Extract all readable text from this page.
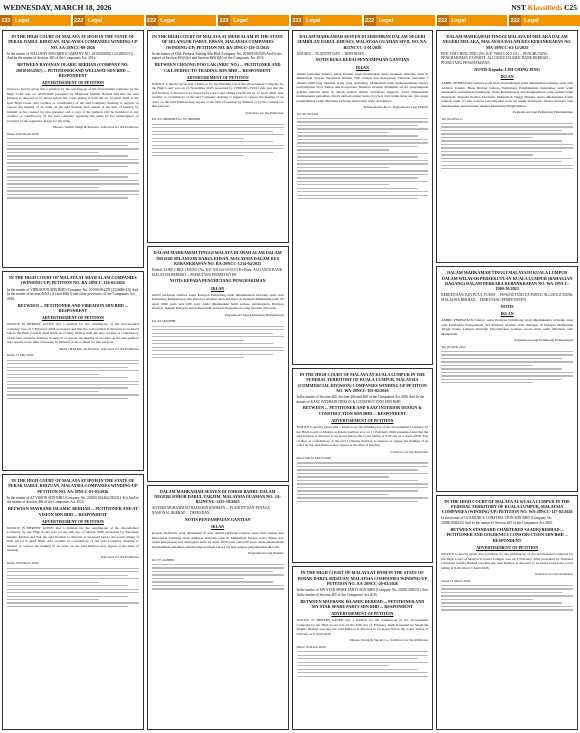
WEDNESDAY, MARCH 18, 2026	NST Klassifieds C25
222 Legal	222 Legal	222 Legal	222 Legal	222 Legal	222 Legal	222 Legal	222 Legal
IN THE HIGH COURT OF MALAYA AT IPOH IN THE STATE OF PERAK DARUL RIDZUAN, MALAYSIA COMPANIES WINDING-UP NO. AA-28NCC-00-2026
In the matter of WELLWAY SDN BHD (COMPANY NO. 201601000011 (1128655-T)) ... And In the matter of Section 465 of the Companies Act, 2016
BETWEEN BAYANAN OLABIC BERHAD (COMPANY NO. 200101034567) ... PETITIONER AND WELLWAY SDN BHD ... RESPONDENT
ADVERTISEMENT OF PETITION
Notice is hereby given that a petition for the winding-up of the abovenamed company by the High Court was on 10/03/2026 presented by Maybank Islamic Berhad and that the said Petition is directed to be heard before the Court sitting at 9.00 am on 14 April 2026 at the Ipoh High Court. Any creditor or contributory of the said Company desiring to support or oppose the making of an order on the said Petition may appear at the time of hearing by himself or his counsel for that purpose; and a copy of the petition will be furnished to any creditor or contributory of the said company requiring the same by the undersigned on payment of the regulated charge for the same.
Messrs. Sudhir Singh & Partners, Solicitors for the Petitioner
Dated 10th March 2026
IN THE HIGH COURT OF MALAYA AT SHAH ALAM COMPANIES (WINDING-UP) PETITION NO. BA-28NCC-134-03/2026
In the matter of VIBRADON SDN BHD (Company No. 201901004478 (1326686-D)) And In the matter of section 465(1) (e) and 466(1) and other provisions of the Companies Act, 2016
BETWEEN ... PETITIONER AND VIBRADON SDN BHD ... RESPONDENT
ADVERTISEMENT OF PETITION
NOTICE IS HEREBY GIVEN that a petition for the winding-up of the abovenamed company was on 5 February 2026 presented and that the said petition is directed to be heard before the High Court at Shah Alam on 13 May 2026 at 9.00 am. Any creditor or contributory of the said company desiring to support or oppose the making of an order on the said petition may appear at the time of hearing by himself or his counsel for that purpose.
Messrs B.M Kho & Partners, Solicitors for the Petitioner
Dated 13 May 2026
IN THE HIGH COURT OF MALAYA AT IPOH IN THE STATE OF PERAK DARUL RIDZUAN, MALAYSIA COMPANIES WINDING-UP PETITION NO. AA-28NCC-01-03/2026
In the matter of AT VISION SDN BHD (Company No. 201001023464 (902312-K)) And In the matter of Section 465 of the Companies Act 2016
BETWEEN MAYBANK ISLAMIC BERHAD ... PETITIONER AND AT VISION SDN BHD ... RESPONDENT
ADVERTISEMENT OF PETITION
NOTICE IS HEREBY GIVEN that a Petition for the winding-up of the abovenamed Company by the High Court was on the 6th day of March 2026 presented by Maybank Islamic Berhad and that the said Petition is directed to be heard before the Court sitting at 9.00 am on 9 April 2026. Any creditor or contributory of the said Company desiring to support or oppose the making of an order on the said Petition may appear at the time of hearing.
Solicitors for the Petitioner
Dated 10th March 2026
IN THE HIGH COURT OF MALAYA AT SHAH ALAM IN THE STATE OF SELANGOR DARUL EHSAN, MALAYSIA COMPANIES (WINDING-UP) PETITION NO. BA-28NCC-159-11/2025
In the matter of C&L Perkasa Trading Sdn Bhd (Company No. 201801035020) And In the matter of Section 465(1)(e) and Section 466(1)(b) of the Companies Act 2016
BETWEEN CHOONG POO LAK (NRIC NO.) ... PETITIONER AND C&L PERFECTO TRADING SDN BHD ... RESPONDENT
ADVERTISEMENT OF PETITION
NOTICE is hereby given that a Petition for the Winding-Up of the abovenamed Company by the High Court was on 14 November 2025 presented by CHOONG POO LAK and that the said Petition is directed to be heard before the Court sitting at 9.00 am on 17 April 2026. Any creditor or contributory of the said Company desiring to support or oppose the making of an order on the said Petition may appear at the time of hearing by himself or by his counsel for that purpose.
Solicitors for the Petitioner
Tel: 03-76609966 Fax: 03-76601882
DALAM MAHKAMAH TINGGI MALAYA DI SHAH ALAM DALAM NEGERI SELANGOR DARUL EHSAN, MALAYSIA DALAM KES KEBANKRAPAN NO. BA-29NCC-1234-04/2025
Perihal: LOKE CHEE CHUNG (No. K/P: 841124-14-5311) Ex-Parte: ALLIANCE BANK MALAYSIA BERHAD ... PEMIUTANG PEMPETISYEN
NOTIS KEPADA PENGHUTANG PENGHAKIMAN
IKLAN
Ambil perhatian bahawa suatu Petisyen Pemiutang telah dikemukakan terhadap anda oleh Pemiutang Pempetisyen dan Petisyen tersebut akan didengar di hadapan Mahkamah pada 20 April 2026 pada jam 9.00 pagi. Anda dikehendaki hadir semasa pendengaran Petisyen tersebut. Salinan Petisyen boleh diperolehi daripada Peguamcara yang tersebut di bawah.
Peguamcara bagi Pemiutang Pempetisyen
Tel: 03-56321888
DALAM MAHKAMAH SESYEN DI JOHOR BAHRU DALAM NEGERI JOHOR DARUL TAKZIM, MALAYSIA GUAMAN NO. JA-B52NCVC-1235-10/2025
ANTARA MUHAMMAD HAFIZ BIN RAHMAN ... PLAINTIF DAN TENAGA NASIONAL BERHAD ... DEFENDAN
NOTIS PENYAMPAIAN GANTIAN
IKLAN
Kepada Defendan yang dinamakan di atas. Ambil perhatian bahawa suatu Writ Saman dan Pernyataan Tuntutan telah difailkan terhadap anda di Mahkamah Sesyen Johor Bahru dan tarikh pengurusan kes ditetapkan pada 29 April 2026 pada jam 9.00 pagi. Anda dikehendaki memasukkan kehadiran dalam tempoh empat belas (14) hari selepas penyampaian iklan ini.
Peguamcara bagi Plaintif
Tel: 07-2228888
DALAM MAHKAMAH SESYEN DI SEREMBAN DALAM NEGERI SEMBILAN DARUL KHUSUS, MALAYSIA GUAMAN SIVIL NO. NA-B52NCVC-5-01/2026
ANTARA ... PLAINTIF DAN ... DEFENDAN
NOTIS BUKA KEDAI PENYAMPAIAN GANTIAN
IKLAN
Ambil perhatian bahawa pihak Plaintif telah memulakan suatu tindakan terhadap anda di Mahkamah Sesyen Seremban melalui Writ Saman dan Pernyataan Tuntutan bertarikh 7 Januari 2026 bagi tuntutan wang yang berhutang. Mahkamah telah memerintahkan supaya penyampaian Writ Saman dan Pernyataan Tuntutan tersebut dilakukan secara penyampaian gantian melalui iklan di dalam sebuah akhbar berbahasa Inggeris. Anda dikehendaki memasukkan kehadiran dalam tempoh empat belas (14) hari dari tarikh iklan ini, jika gagal penghakiman boleh diberikan terhadap anda tanpa notis selanjutnya.
Tetuan Kanda & Co, Peguamcara bagi Plaintif
Tel: 06-7612345
IN THE HIGH COURT OF MALAYA AT KUALA LUMPUR IN THE FEDERAL TERRITORY OF KUALA LUMPUR, MALAYSIA (COMMERCIAL DIVISION) COMPANIES WINDING-UP PETITION NO. WA-28NCC-103-02/2026
In the matter of Section 465, Section 466 and 468 of the Companies Act 2016 And In the matter of KASZ INTERIOR DESIGN & CONSTRUCTION SDN BHD
BETWEEN ... PETITIONER AND KASZ INTERIOR DESIGN & CONSTRUCTION SDN BHD ... RESPONDENT
ADVERTISEMENT OF PETITION
NOTICE is hereby given that a Petition for the Winding-Up of the abovenamed Company by the High Court of Malaya at Kuala Lumpur was on 11 February 2026 presented and that the said Petition is directed to be heard before the Court sitting at 9.00 am on 1 April 2026. Any creditor or contributory of the said Company desiring to support or oppose the making of an order on the said Petition may appear at the time of hearing.
Solicitors for the Petitioner
Dated this 16 March 2026
IN THE HIGH COURT OF MALAYA AT IPOH IN THE STATE OF PERAK DARUL RIDZUAN, MALAYSIA COMPANIES WINDING-UP PETITION NO. AA-28NCC-20-02/2026
In the matter of MY STAR SPARE PARTS SDN BHD (Company No. 201801005551) And In the matter of Section 465 of the Companies Act 2016
BETWEEN MAYBANK ISLAMIC BERHAD ... PETITIONER AND MY STAR SPARE PARTS SDN BHD ... RESPONDENT
ADVERTISEMENT OF PETITION
NOTICE IS HEREBY GIVEN that a Petition for the winding-up of the abovenamed Company by the High Court was on the 19th day of February 2026 presented by Maybank Islamic Berhad and that the said Petition is directed to be heard before the Court sitting at 9.00 am on 8 April 2026.
Messrs. Wong & Tan & Co., Solicitors for the Petitioner
Dated 16 March 2026
DALAM MAHKAMAH TINGGI MALAYA DI MELAKA DALAM NEGERI MELAKA, MALAYSIA DALAM KES KEBANKRAPAN NO. MA-29NCC-61-12/2025
PER: LIM CHING PING (No. K/P: 760613-04-5131) ... PENGHUTANG PENGHAKIMAN EX-PARTE: ALLIANCE ISLAMIC BANK BERHAD ... PEMIUTANG PENGHAKIMAN
NOTIS Kepada: LIM CHING PING
IKLAN
AMBIL PERHATIAN bahawa pada Notis Kebankrapan telah dikeluarkan terhadap anda oleh Alliance Islamic Bank Berhad bahawa Pemiutang Penghakiman mendakwa anda telah melakukan perbuatan kebankrapan. Notis Kebankrapan dan Penghakiman yang terlibat boleh diperolehi daripada Pejabat Pendaftar Mahkamah Tinggi Melaka. Anda dikehendaki dalam tempoh tujuh (7) hari selepas penyampaian notis ini untuk membayar amaun tuntutan atau mendapatkan penyelesaian dengan Pemiutang Penghakiman.
Peguamcara bagi Pemiutang Penghakiman
Tel: 06-2831111
DALAM MAHKAMAH TINGGI MALAYA DI KUALA LUMPUR DALAM WILAYAH PERSEKUTUAN KUALA LUMPUR (BAHAGIAN DAGANG) DALAM PERKARA KEBANKRAPAN NO. WA-29NCC-1900-10/2025
BERKENAAN: KEVIN A/L YUSOF ... PENGHUTANG EX-PARTE: ALLIANCE BANK MALAYSIA BERHAD ... PEMIUTANG PEMPETISYEN
NOTIS
IKLAN
AMBIL PERHATIAN bahawa suatu Petisyen Pemiutang telah dikemukakan terhadap anda oleh Pemiutang Pempetisyen dan Petisyen tersebut akan didengar di hadapan Mahkamah Tinggi Kuala Lumpur. Perintah Penyampaian Gantian secara iklan telah diberikan oleh Mahkamah.
Peguamcara bagi Pemiutang Pempetisyen
Tel: 03-2030 2222
IN THE HIGH COURT OF MALAYA AT KUALA LUMPUR IN THE FEDERAL TERRITORY OF KUALA LUMPUR, MALAYSIA COMPANIES (WINDING-UP) PETITION NO. WA-28NCC-117-02/2026
In the matter of GOLDENICS CONSTRUCTION SDN BHD (Company No. 200801004231) And In the matter of Section 465 of the Companies Act 2016
BETWEEN STANDARD CHARTERED SAADIQ BERHAD ... PETITIONER AND GOLDENICS CONSTRUCTION SDN BHD ... RESPONDENT
ADVERTISEMENT OF PETITION
NOTICE is hereby given that a petition for the winding-up of the abovenamed company by the High Court of Malaya at Kuala Lumpur was on 4 February 2026 presented by Standard Chartered Saadiq Berhad and that the said Petition is directed to be heard before the Court sitting at 9.00 am on 7 April 2026.
Solicitors for the Petitioner
Dated 12 March 2026
